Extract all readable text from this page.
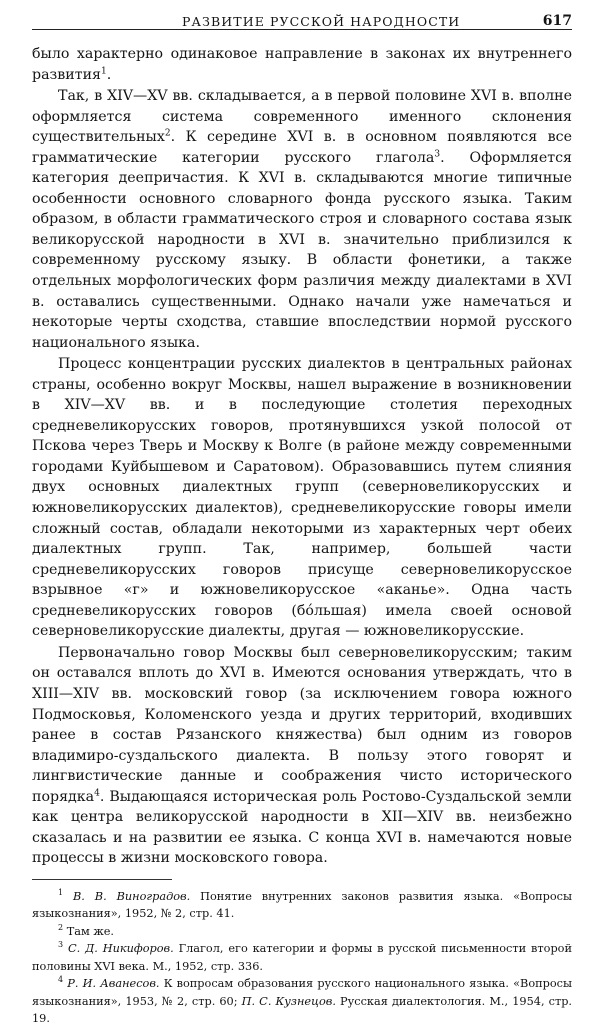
РАЗВИТИЕ РУССКОЙ НАРОДНОСТИ	617

было характерно одинаковое направление в законах их внутреннего развития$^1$.

Так, в XIV—XV вв. складывается, а в первой половине XVI в. вполне оформляется система современного именного склонения существительных$^2$. К середине XVI в. в основном появляются все грамматические категории русского глагола$^3$. Оформляется категория деепричастия. К XVI в. складываются многие типичные особенности основного словарного фонда русского языка. Таким образом, в области грамматического строя и словарного состава язык великорусской народности в XVI в. значительно приблизился к современному русскому языку. В области фонетики, а также отдельных морфологических форм различия между диалектами в XVI в. оставались существенными. Однако начали уже намечаться и некоторые черты сходства, ставшие впоследствии нормой русского национального языка.

Процесс концентрации русских диалектов в центральных районах страны, особенно вокруг Москвы, нашел выражение в возникновении в XIV—XV вв. и в последующие столетия переходных средневеликорусских говоров, протянувшихся узкой полосой от Пскова через Тверь и Москву к Волге (в районе между современными городами Куйбышевом и Саратовом). Образовавшись путем слияния двух основных диалектных групп (северновеликорусских и южновеликорусских диалектов), средневеликорусские говоры имели сложный состав, обладали некоторыми из характерных черт обеих диалектных групп. Так, например, большей части средневеликорусских говоров присуще северновеликорусское взрывное «г» и южновеликорусское «аканье». Одна часть средневеликорусских говоров (бóльшая) имела своей основой северновеликорусские диалекты, другая — южновеликорусские.

Первоначально говор Москвы был северновеликорусским; таким он оставался вплоть до XVI в. Имеются основания утверждать, что в XIII—XIV вв. московский говор (за исключением говора южного Подмосковья, Коломенского уезда и других территорий, входивших ранее в состав Рязанского княжества) был одним из говоров владимиро-суздальского диалекта. В пользу этого говорят и лингвистические данные и соображения чисто исторического порядка$^4$. Выдающаяся историческая роль Ростово-Суздальской земли как центра великорусской народности в XII—XIV вв. неизбежно сказалась и на развитии ее языка. С конца XVI в. намечаются новые процессы в жизни московского говора.

$^1$ В. В. Виноградов. Понятие внутренних законов развития языка. «Вопросы языкознания», 1952, № 2, стр. 41.

$^2$ Там же.

$^3$ С. Д. Никифоров. Глагол, его категории и формы в русской письменности второй половины XVI века. М., 1952, стр. 336.

$^4$ Р. И. Аванесов. К вопросам образования русского национального языка. «Вопросы языкознания», 1953, № 2, стр. 60; П. С. Кузнецов. Русская диалектология. М., 1954, стр. 19.
